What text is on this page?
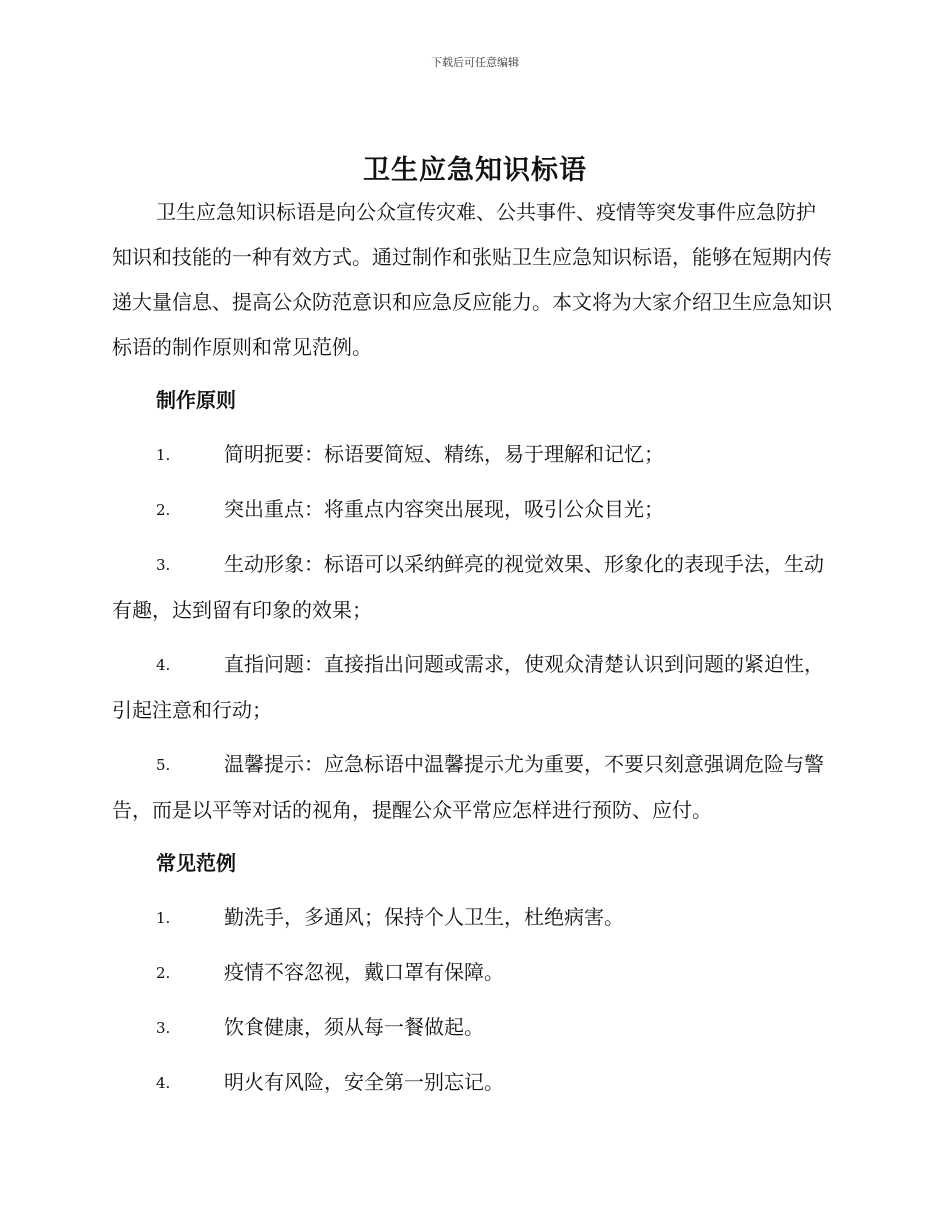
下载后可任意编辑
卫生应急知识标语

卫生应急知识标语是向公众宣传灾难、公共事件、疫情等突发事件应急防护知识和技能的一种有效方式。通过制作和张贴卫生应急知识标语，能够在短期内传递大量信息、提高公众防范意识和应急反应能力。本文将为大家介绍卫生应急知识标语的制作原则和常见范例。

制作原则
1.	简明扼要：标语要简短、精练，易于理解和记忆；
2.	突出重点：将重点内容突出展现，吸引公众目光；
3.	生动形象：标语可以采纳鲜亮的视觉效果、形象化的表现手法，生动有趣，达到留有印象的效果；
4.	直指问题：直接指出问题或需求，使观众清楚认识到问题的紧迫性，引起注意和行动；
5.	温馨提示：应急标语中温馨提示尤为重要，不要只刻意强调危险与警告，而是以平等对话的视角，提醒公众平常应怎样进行预防、应付。
常见范例
1.	勤洗手，多通风；保持个人卫生，杜绝病害。
2.	疫情不容忽视，戴口罩有保障。
3.	饮食健康，须从每一餐做起。
4.	明火有风险，安全第一别忘记。
